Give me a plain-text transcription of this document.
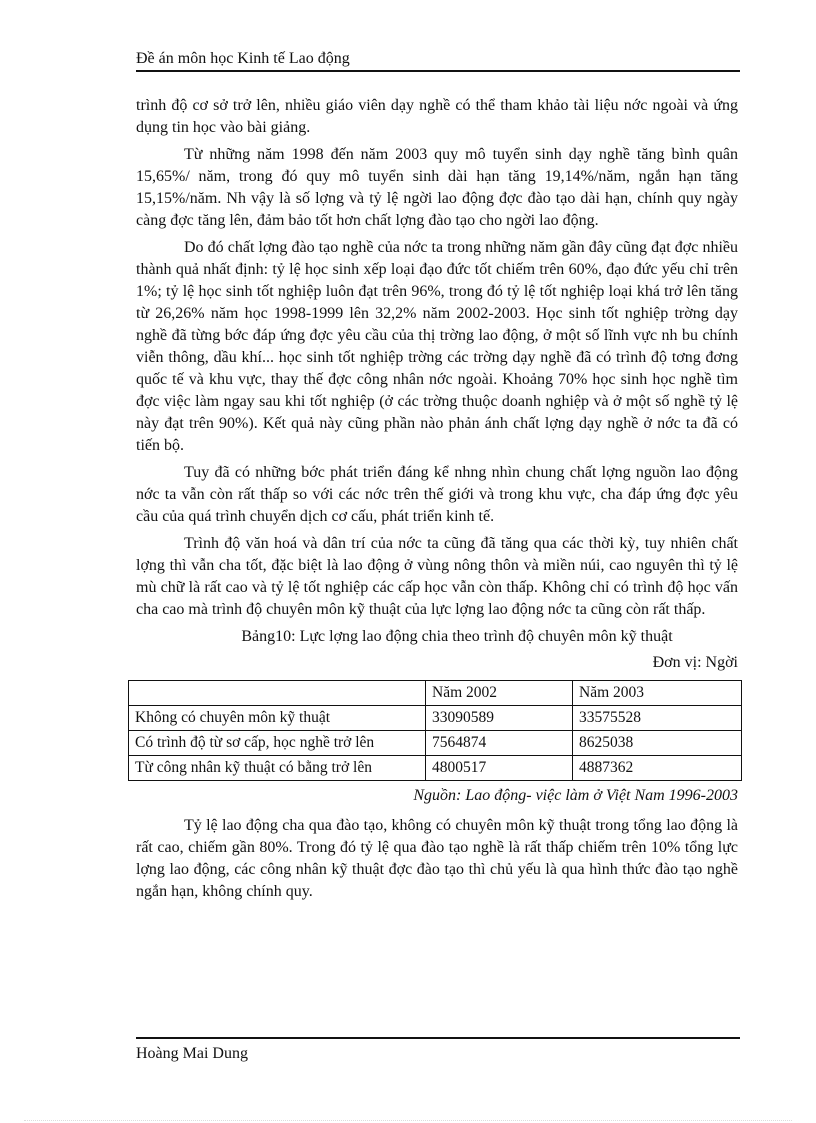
Đề án môn học Kinh tế Lao động

trình độ cơ sở trở lên, nhiều giáo viên dạy nghề có thể tham khảo tài liệu nớc ngoài và ứng dụng tin học vào bài giảng.

Từ những năm 1998 đến năm 2003 quy mô tuyển sinh dạy nghề tăng bình quân 15,65%/ năm, trong đó quy mô tuyển sinh dài hạn tăng 19,14%/năm, ngắn hạn tăng 15,15%/năm. Nh vậy là số lợng và tỷ lệ ngời lao động đợc đào tạo dài hạn, chính quy ngày càng đợc tăng lên, đảm bảo tốt hơn chất lợng đào tạo cho ngời lao động.

Do đó chất lợng đào tạo nghề của nớc ta trong những năm gần đây cũng đạt đợc nhiều thành quả nhất định: tỷ lệ học sinh xếp loại đạo đức tốt chiếm trên 60%, đạo đức yếu chỉ trên 1%; tỷ lệ học sinh tốt nghiệp luôn đạt trên 96%, trong đó tỷ lệ tốt nghiệp loại khá trở lên tăng từ 26,26% năm học 1998-1999 lên 32,2% năm 2002-2003. Học sinh tốt nghiệp trờng dạy nghề đã từng bớc đáp ứng đợc yêu cầu của thị trờng lao động, ở một số lĩnh vực nh bu chính viễn thông, dầu khí... học sinh tốt nghiệp trờng các trờng dạy nghề đã có trình độ tơng đơng quốc tế và khu vực, thay thế đợc công nhân nớc ngoài. Khoảng 70% học sinh học nghề tìm đợc việc làm ngay sau khi tốt nghiệp (ở các trờng thuộc doanh nghiệp và ở một số nghề tỷ lệ này đạt trên 90%). Kết quả này cũng phần nào phản ánh chất lợng dạy nghề ở nớc ta đã có tiến bộ.

Tuy đã có những bớc phát triển đáng kể nhng nhìn chung chất lợng nguồn lao động nớc ta vẫn còn rất thấp so với các nớc trên thế giới và trong khu vực, cha đáp ứng đợc yêu cầu của quá trình chuyển dịch cơ cấu, phát triển kinh tế.

Trình độ văn hoá và dân trí của nớc ta cũng đã tăng qua các thời kỳ, tuy nhiên chất lợng thì vẫn cha tốt, đặc biệt là lao động ở vùng nông thôn và miền núi, cao nguyên thì tỷ lệ mù chữ là rất cao và tỷ lệ tốt nghiệp các cấp học vẫn còn thấp. Không chỉ có trình độ học vấn cha cao mà trình độ chuyên môn kỹ thuật của lực lợng lao động nớc ta cũng còn rất thấp.

Bảng10: Lực lợng lao động chia theo trình độ chuyên môn kỹ thuật
Đơn vị: Ngời
	Năm 2002	Năm 2003
Không có chuyên môn kỹ thuật	33090589	33575528
Có trình độ từ sơ cấp, học nghề trở lên	7564874	8625038
Từ công nhân kỹ thuật có bằng trở lên	4800517	4887362
Nguồn: Lao động- việc làm ở Việt Nam 1996-2003

Tỷ lệ lao động cha qua đào tạo, không có chuyên môn kỹ thuật trong tổng lao động là rất cao, chiếm gần 80%. Trong đó tỷ lệ qua đào tạo nghề là rất thấp chiếm trên 10% tổng lực lợng lao động, các công nhân kỹ thuật đợc đào tạo thì chủ yếu là qua hình thức đào tạo nghề ngắn hạn, không chính quy.

Hoàng Mai Dung
